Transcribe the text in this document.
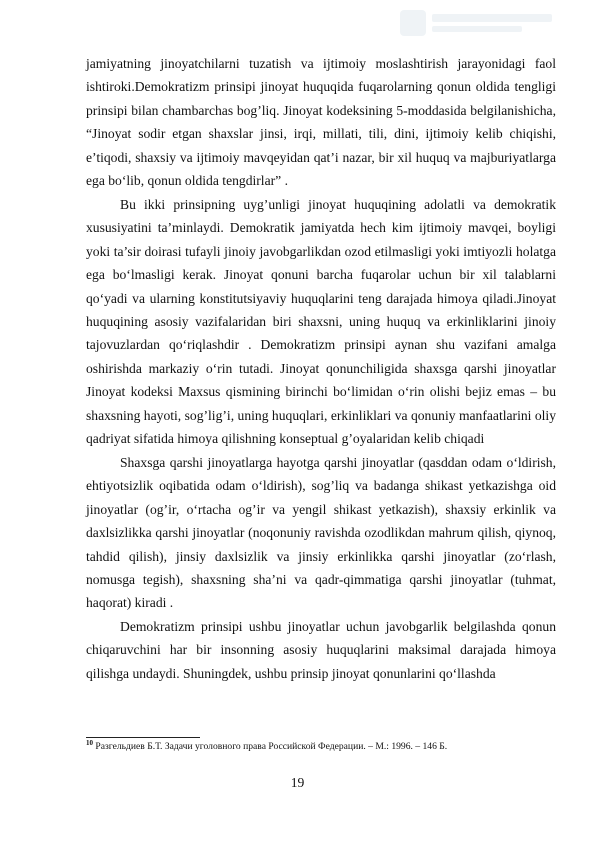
jamiyatning jinoyatchilarni tuzatish va ijtimoiy moslashtirish jarayonidagi faol ishtiroki.Demokratizm prinsipi jinoyat huquqida fuqarolarning qonun oldida tengligi prinsipi bilan chambarchas bog’liq. Jinoyat kodeksining 5-moddasida belgilanishicha, “Jinoyat sodir etgan shaxslar jinsi, irqi, millati, tili, dini, ijtimoiy kelib chiqishi, e’tiqodi, shaxsiy va ijtimoiy mavqeyidan qat’i nazar, bir xil huquq va majburiyatlarga ega bo‘lib, qonun oldida tengdirlar” .

Bu ikki prinsipning uyg’unligi jinoyat huquqining adolatli va demokratik xususiyatini ta’minlaydi. Demokratik jamiyatda hech kim ijtimoiy mavqei, boyligi yoki ta’sir doirasi tufayli jinoiy javobgarlikdan ozod etilmasligi yoki imtiyozli holatga ega bo‘lmasligi kerak. Jinoyat qonuni barcha fuqarolar uchun bir xil talablarni qo‘yadi va ularning konstitutsiyaviy huquqlarini teng darajada himoya qiladi.Jinoyat huquqining asosiy vazifalaridan biri shaxsni, uning huquq va erkinliklarini jinoiy tajovuzlardan qo‘riqlashdir . Demokratizm prinsipi aynan shu vazifani amalga oshirishda markaziy o‘rin tutadi. Jinoyat qonunchiligida shaxsga qarshi jinoyatlar Jinoyat kodeksi Maxsus qismining birinchi bo‘limidan o‘rin olishi bejiz emas – bu shaxsning hayoti, sog’lig’i, uning huquqlari, erkinliklari va qonuniy manfaatlarini oliy qadriyat sifatida himoya qilishning konseptual g’oyalaridan kelib chiqadi

Shaxsga qarshi jinoyatlarga hayotga qarshi jinoyatlar (qasddan odam o‘ldirish, ehtiyotsizlik oqibatida odam o‘ldirish), sog’liq va badanga shikast yetkazishga oid jinoyatlar (og’ir, o‘rtacha og’ir va yengil shikast yetkazish), shaxsiy erkinlik va daxlsizlikka qarshi jinoyatlar (noqonuniy ravishda ozodlikdan mahrum qilish, qiynoq, tahdid qilish), jinsiy daxlsizlik va jinsiy erkinlikka qarshi jinoyatlar (zo‘rlash, nomusga tegish), shaxsning sha’ni va qadr-qimmatiga qarshi jinoyatlar (tuhmat, haqorat) kiradi .

Demokratizm prinsipi ushbu jinoyatlar uchun javobgarlik belgilashda qonun chiqaruvchini har bir insonning asosiy huquqlarini maksimal darajada himoya qilishga undaydi. Shuningdek, ushbu prinsip jinoyat qonunlarini qo‘llashda

$^{10}$ Разгельдиев Б.Т. Задачи уголовного права Российской Федерации. – М.: 1996. – 146 Б.
19
